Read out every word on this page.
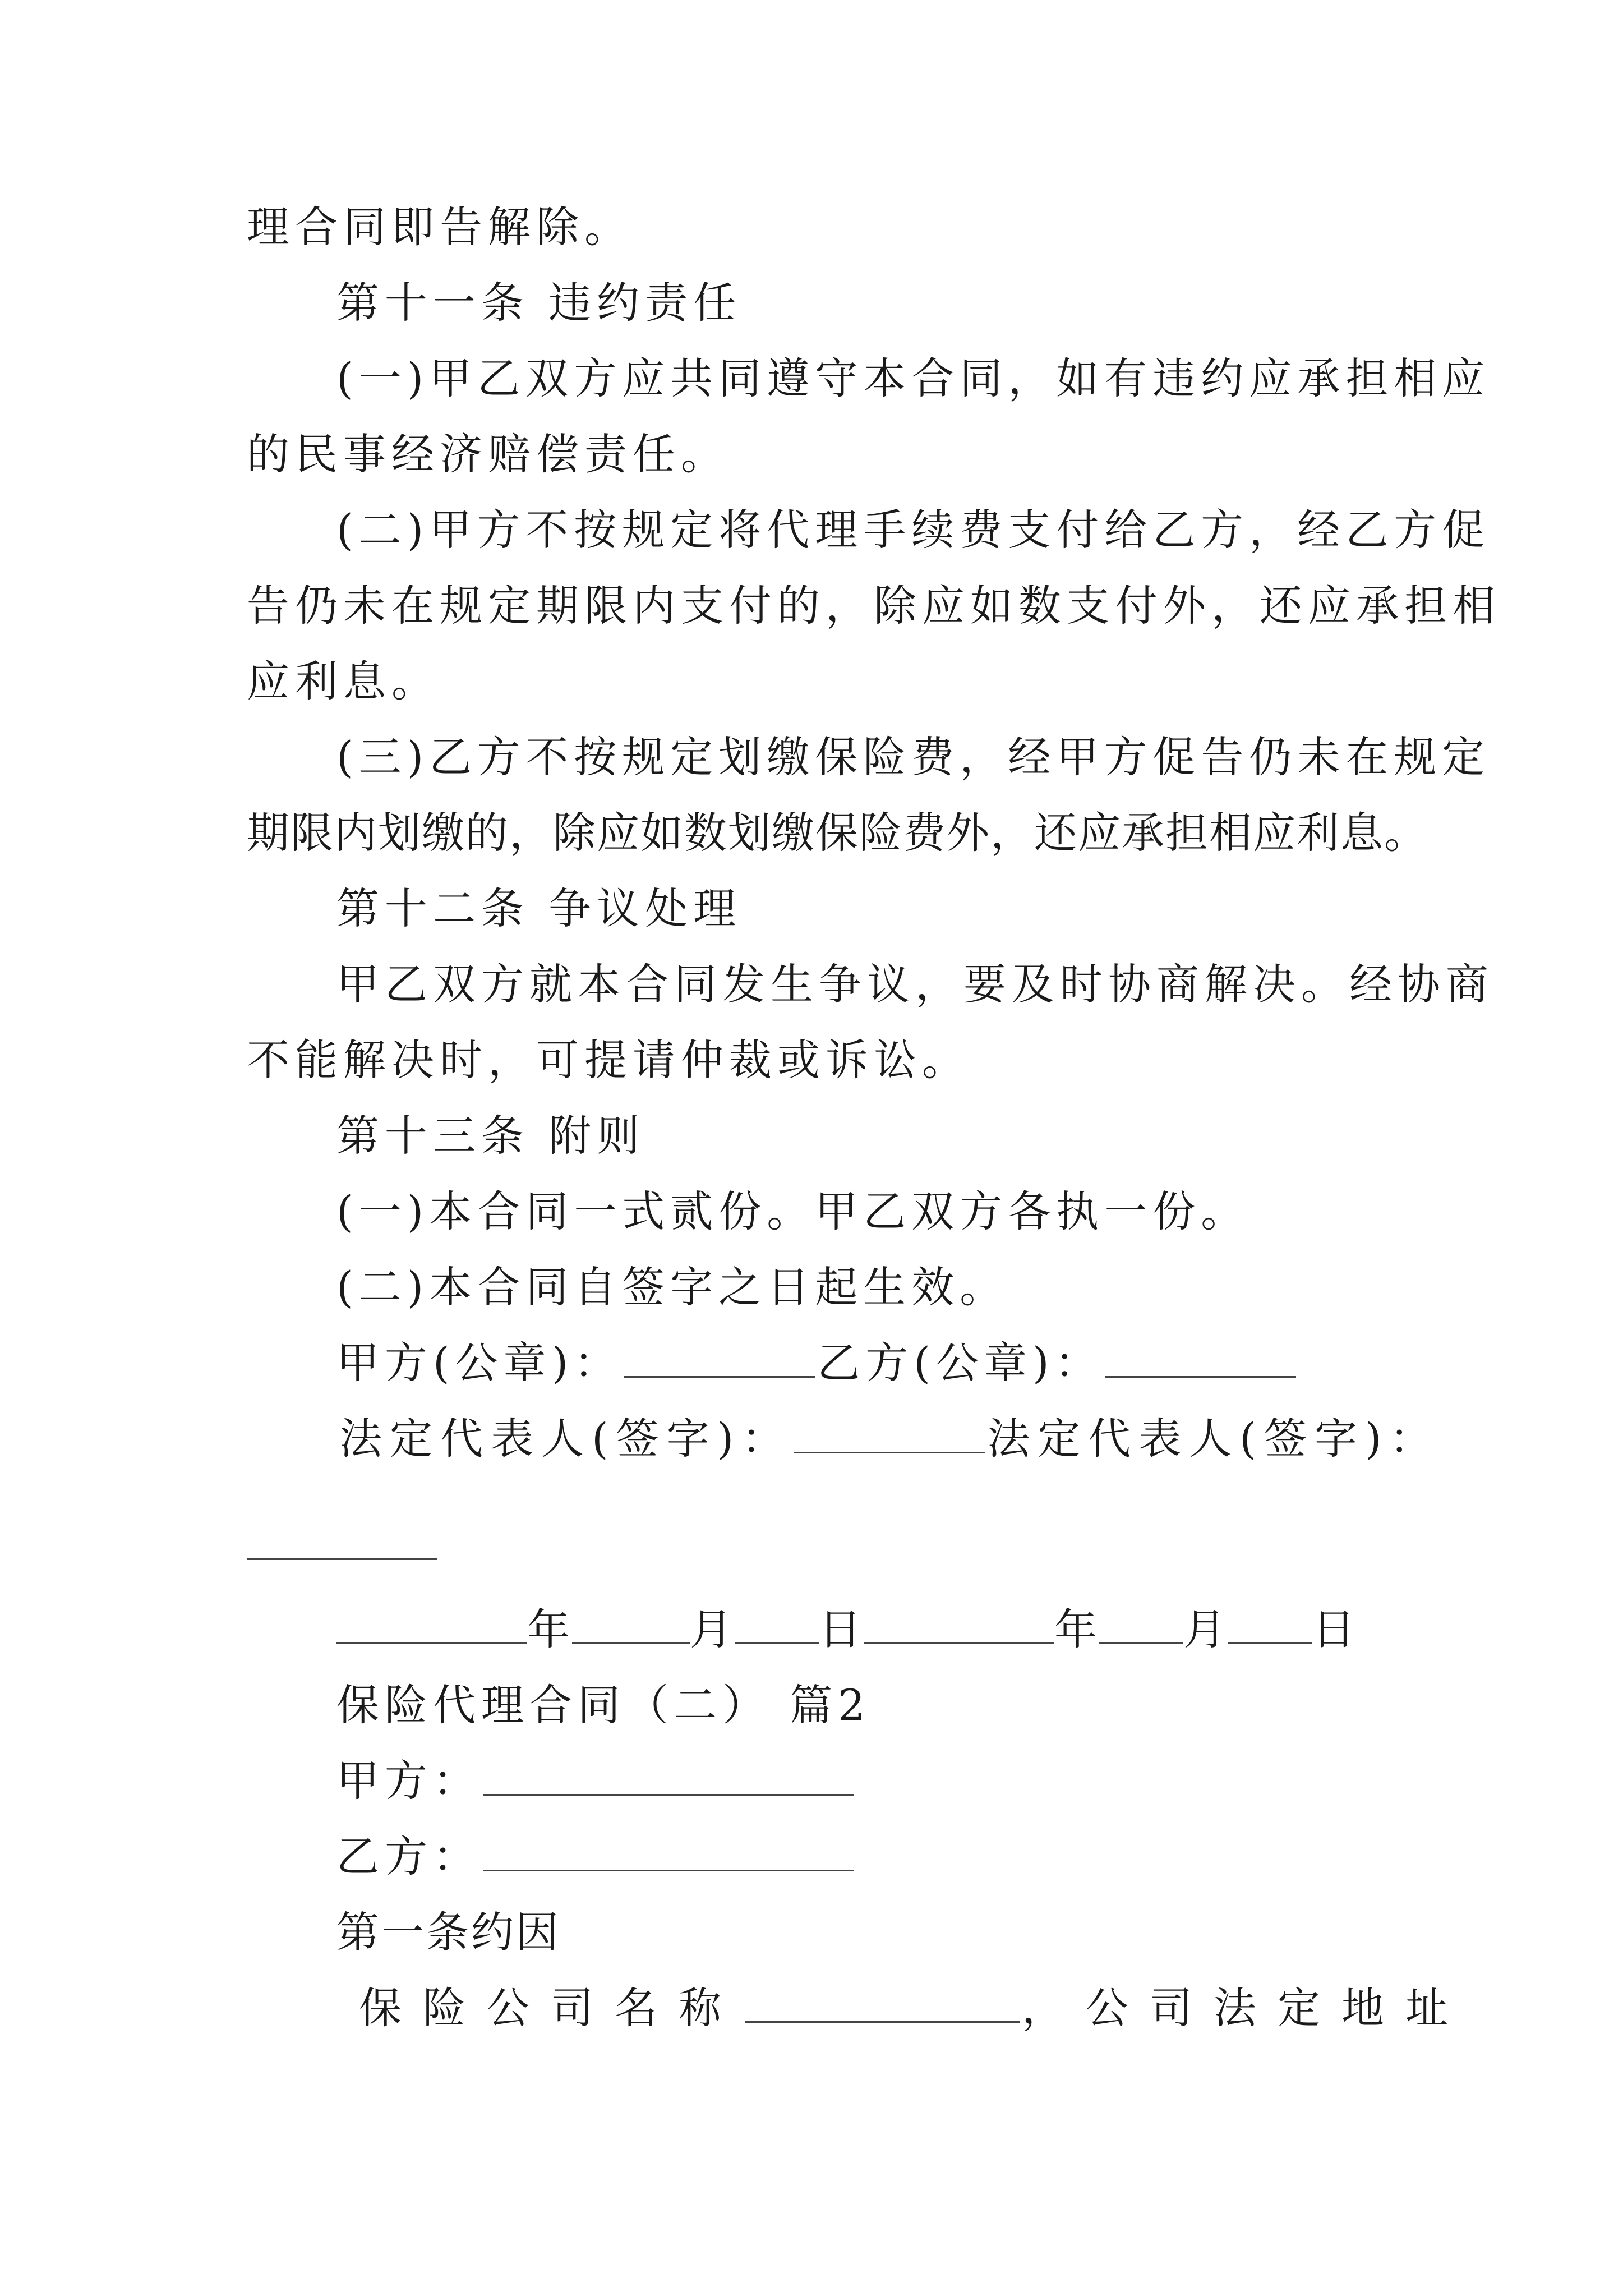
理合同即告解除。
第十一条 违约责任
(一)甲乙双方应共同遵守本合同，如有违约应承担相应
的民事经济赔偿责任。
(二)甲方不按规定将代理手续费支付给乙方，经乙方促
告仍未在规定期限内支付的，除应如数支付外，还应承担相
应利息。
(三)乙方不按规定划缴保险费，经甲方促告仍未在规定
期限内划缴的，除应如数划缴保险费外，还应承担相应利息。
第十二条 争议处理
甲乙双方就本合同发生争议，要及时协商解决。经协商
不能解决时，可提请仲裁或诉讼。
第十三条 附则
(一)本合同一式贰份。甲乙双方各执一份。
(二)本合同自签字之日起生效。
甲方(公章)：	乙方(公章)：
法定代表人(签字)：	法定代表人(签字)：
年	月 日	年 月 日
保险代理合同（二） 篇2
甲方：
乙方：
第一条约因
保险公司名称	，公司法定地址
